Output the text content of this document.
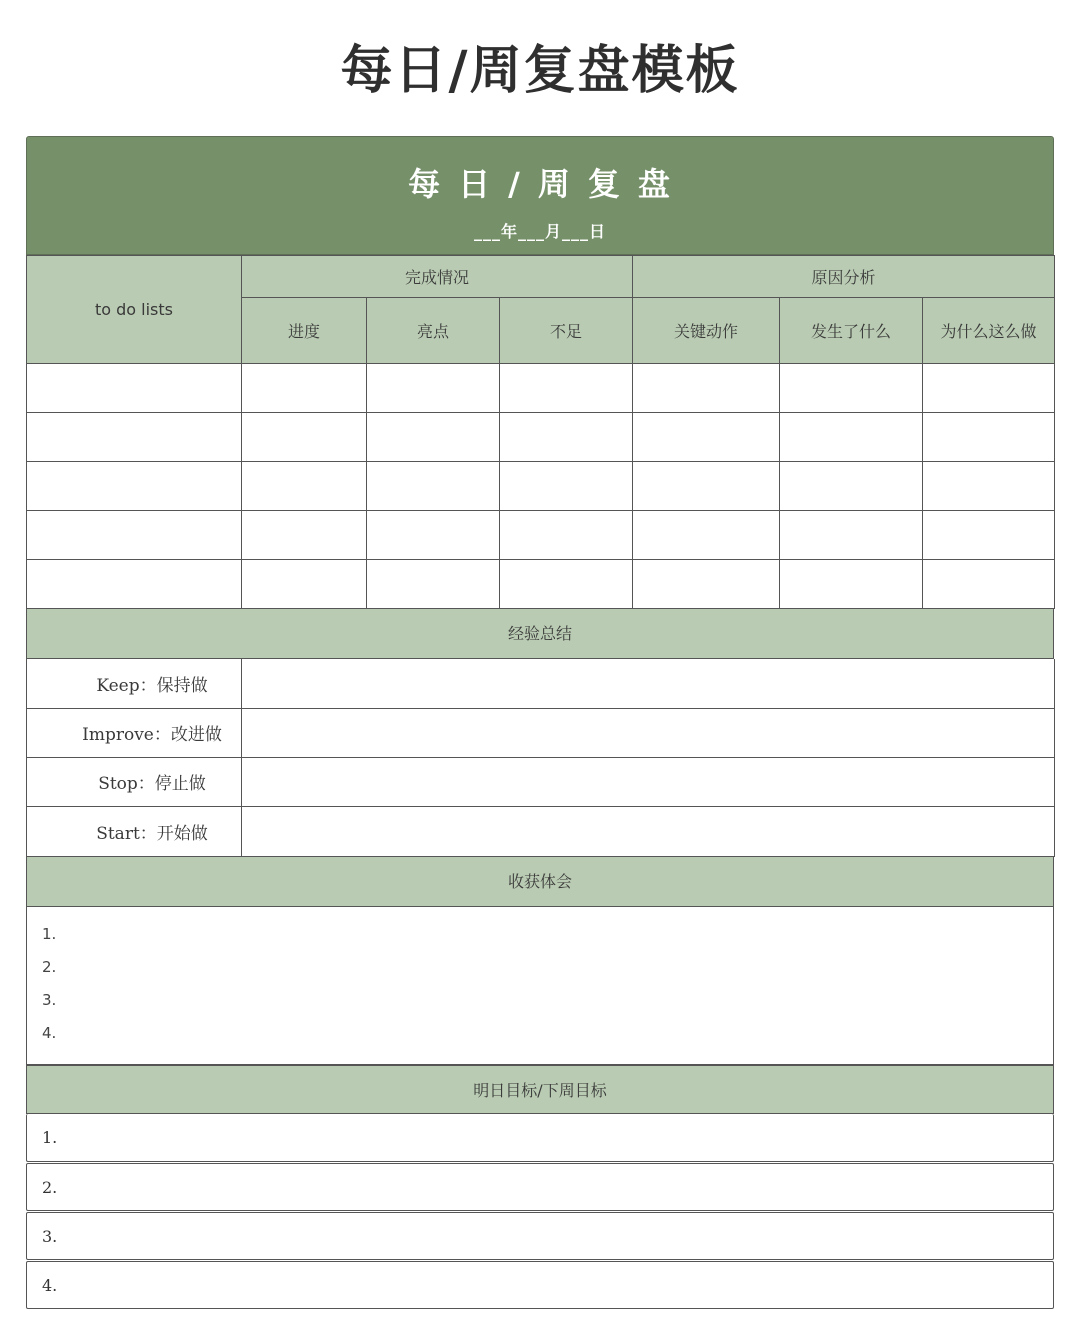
每日/周复盘模板
每日/周复盘
___年___月___日
to do lists	完成情况			原因分析		
	进度	亮点	不足	关键动作	发生了什么	为什么这么做

经验总结
Keep：保持做	
Improve：改进做	
Stop：停止做	
Start：开始做	
收获体会
1.
2.
3.
4.
明日目标/下周目标
1.
2.
3.
4.
